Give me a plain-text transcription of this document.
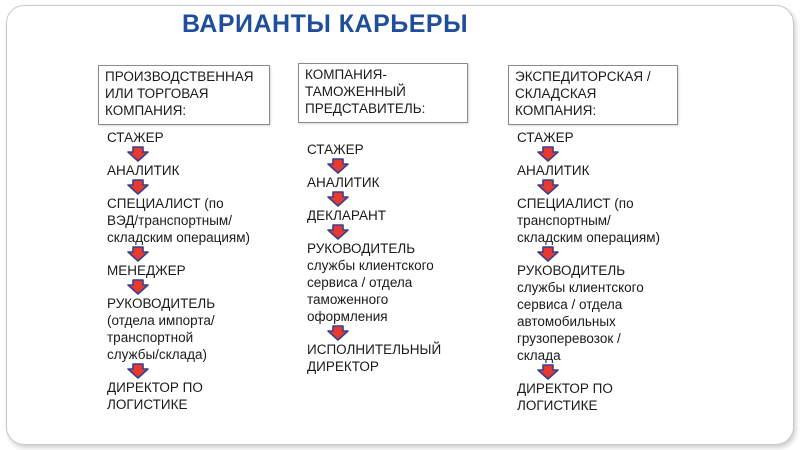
ВАРИАНТЫ КАРЬЕРЫ
ПРОИЗВОДСТВЕННАЯ
ИЛИ ТОРГОВАЯ
КОМПАНИЯ:
СТАЖЕР
АНАЛИТИК
СПЕЦИАЛИСТ (по
ВЭД/транспортным/
складским операциям)
МЕНЕДЖЕР
РУКОВОДИТЕЛЬ
(отдела импорта/
транспортной
службы/склада)
ДИРЕКТОР ПО
ЛОГИСТИКЕ
КОМПАНИЯ-
ТАМОЖЕННЫЙ
ПРЕДСТАВИТЕЛЬ:
СТАЖЕР
АНАЛИТИК
ДЕКЛАРАНТ
РУКОВОДИТЕЛЬ
службы клиентского
сервиса / отдела
таможенного
оформления
ИСПОЛНИТЕЛЬНЫЙ
ДИРЕКТОР
ЭКСПЕДИТОРСКАЯ /
СКЛАДСКАЯ
КОМПАНИЯ:
СТАЖЕР
АНАЛИТИК
СПЕЦИАЛИСТ (по
транспортным/
складским операциям)
РУКОВОДИТЕЛЬ
службы клиентского
сервиса / отдела
автомобильных
грузоперевозок /
склада
ДИРЕКТОР ПО
ЛОГИСТИКЕ
